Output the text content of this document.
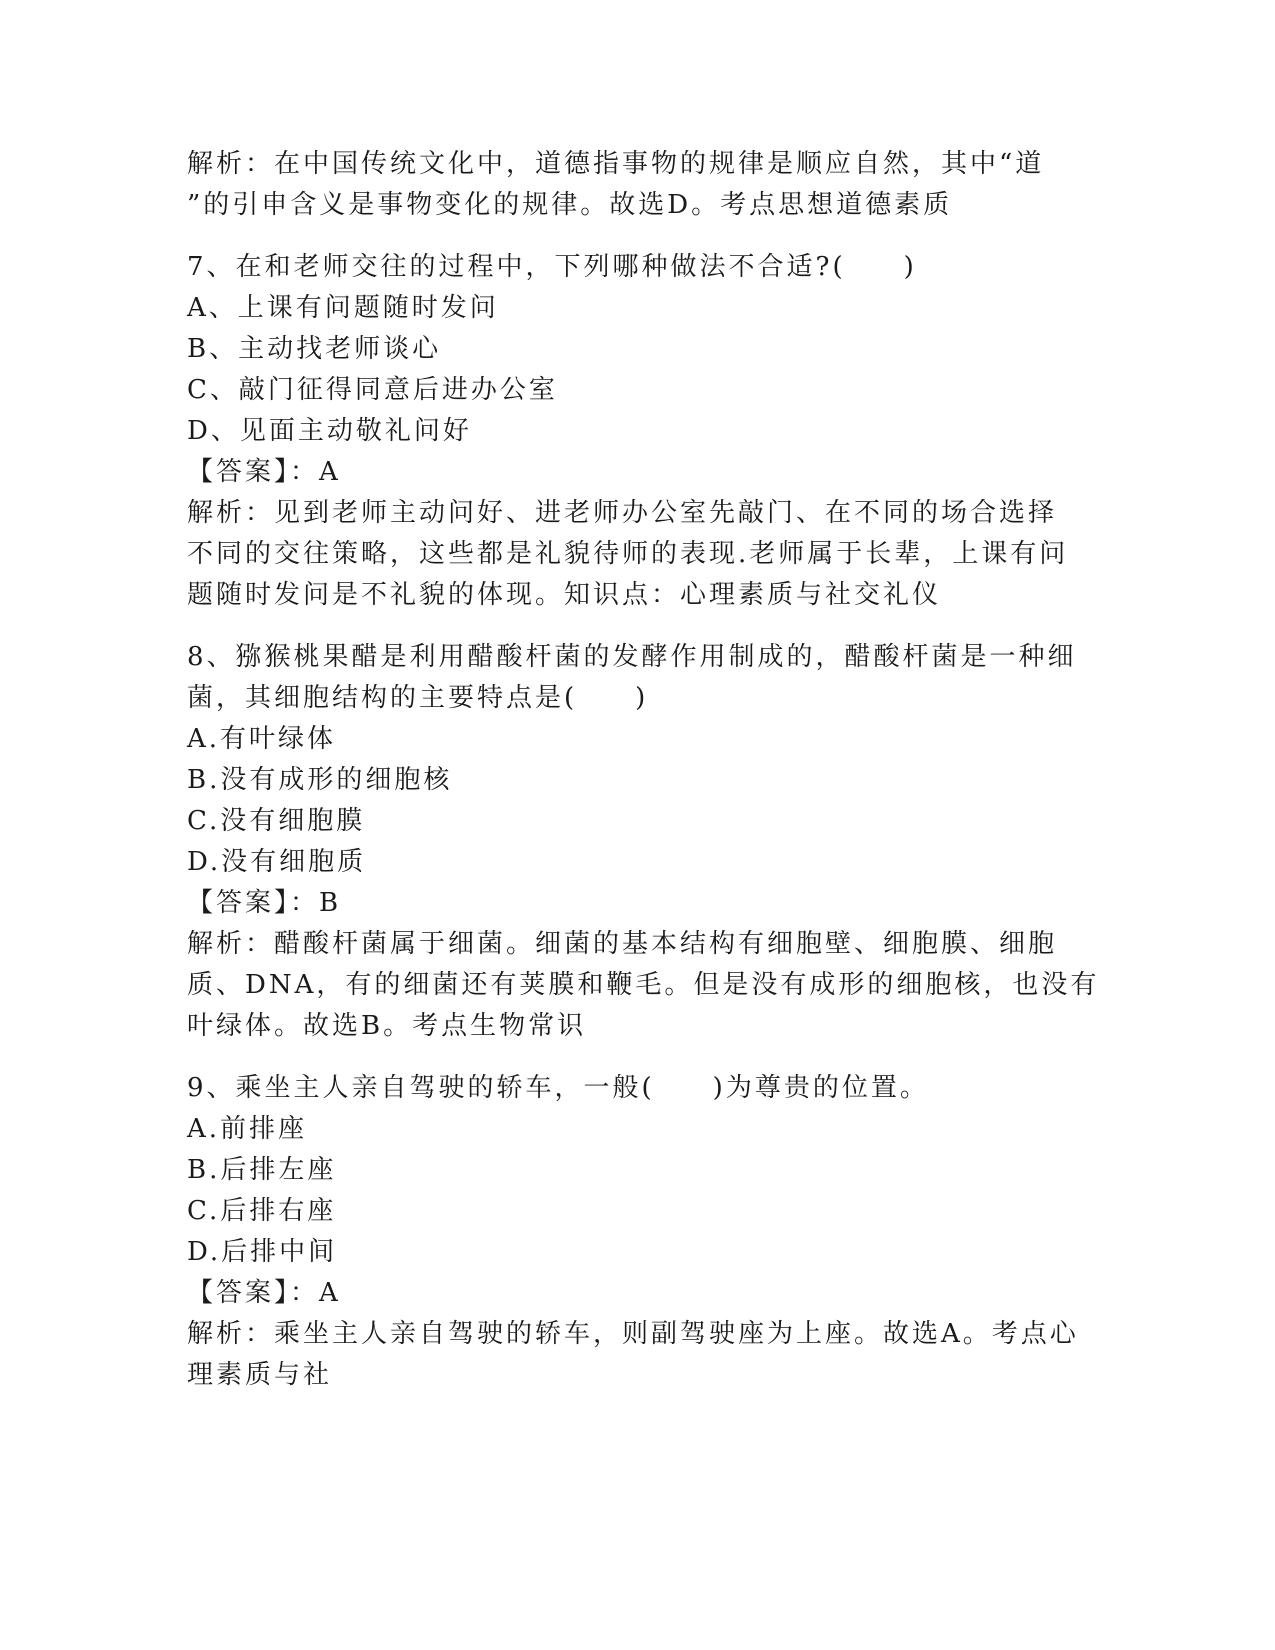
解析：在中国传统文化中，道德指事物的规律是顺应自然，其中“道
”的引申含义是事物变化的规律。故选D。考点思想道德素质
7、在和老师交往的过程中，下列哪种做法不合适?(　　)
A、上课有问题随时发问
B、主动找老师谈心
C、敲门征得同意后进办公室
D、见面主动敬礼问好
【答案】：A
解析：见到老师主动问好、进老师办公室先敲门、在不同的场合选择
不同的交往策略，这些都是礼貌待师的表现.老师属于长辈，上课有问
题随时发问是不礼貌的体现。知识点：心理素质与社交礼仪
8、猕猴桃果醋是利用醋酸杆菌的发酵作用制成的，醋酸杆菌是一种细
菌，其细胞结构的主要特点是(　　)
A.有叶绿体
B.没有成形的细胞核
C.没有细胞膜
D.没有细胞质
【答案】：B
解析：醋酸杆菌属于细菌。细菌的基本结构有细胞壁、细胞膜、细胞
质、DNA，有的细菌还有荚膜和鞭毛。但是没有成形的细胞核，也没有
叶绿体。故选B。考点生物常识
9、乘坐主人亲自驾驶的轿车，一般(　　)为尊贵的位置。
A.前排座
B.后排左座
C.后排右座
D.后排中间
【答案】：A
解析：乘坐主人亲自驾驶的轿车，则副驾驶座为上座。故选A。考点心
理素质与社
